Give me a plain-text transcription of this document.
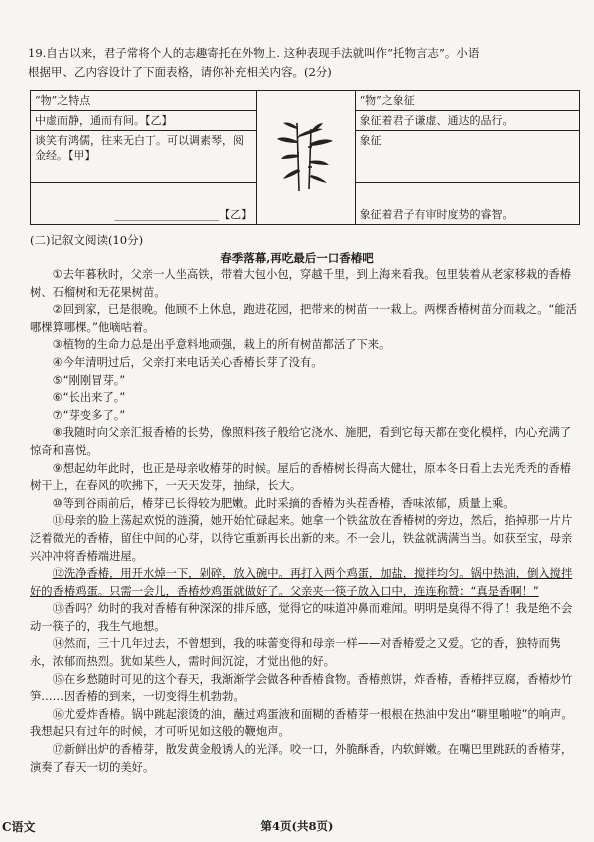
19.自古以来，君子常将个人的志趣寄托在外物上. 这种表现手法就叫作“托物言志”。小语
根据甲、乙内容设计了下面表格，请你补充相关内容。(2分)
“物”之特点		“物”之象征
中虚而静，通而有间。【乙】		象征着君子谦虚、通达的品行。
谈笑有鸿儒，往来无白丁。可以调素琴，阅金经。【甲】		象征
___________________【乙】		象征着君子有审时度势的睿智。
(二)记叙文阅读(10分)
春季落幕,再吃最后一口香椿吧

①去年暮秋时，父亲一人坐高铁，带着大包小包，穿越千里，到上海来看我。包里装着从老家移栽的香椿树、石榴树和无花果树苗。

②回到家，已是很晚。他顾不上休息，跑进花园，把带来的树苗一一栽上。两棵香椿树苗分而栽之。“能活哪棵算哪棵。”他嘀咕着。

③植物的生命力总是出乎意料地顽强，栽上的所有树苗都活了下来。

④今年清明过后，父亲打来电话关心香椿长芽了没有。

⑤“刚刚冒芽。”

⑥“长出来了。”

⑦“芽变多了。”

⑧我随时向父亲汇报香椿的长势，像照料孩子般给它浇水、施肥，看到它每天都在变化模样，内心充满了惊奇和喜悦。

⑨想起幼年此时，也正是母亲收椿芽的时候。屋后的香椿树长得高大健壮，原本冬日看上去光秃秃的香椿树干上，在春风的吹拂下，一天天发芽，抽绿，长大。

⑩等到谷雨前后，椿芽已长得较为肥嫩。此时采摘的香椿为头茬香椿，香味浓郁，质量上乘。

⑪母亲的脸上荡起欢悦的涟漪，她开始忙碌起来。她拿一个铁盆放在香椿树的旁边，然后，掐掉那一片片泛着微光的香椿，留住中间的心芽，以待它重新再长出新的来。不一会儿，铁盆就满满当当。如获至宝，母亲兴冲冲将香椿端进屋。

⑫洗净香椿，用开水焯一下，剁碎，放入碗中。再打入两个鸡蛋，加盐，搅拌均匀。锅中热油，倒入搅拌好的香椿鸡蛋。只需一会儿，香椿炒鸡蛋就做好了。父亲夹一筷子放入口中，连连称赞：“真是香啊！”

⑬香吗？幼时的我对香椿有种深深的排斥感，觉得它的味道冲鼻而难闻。明明是臭得不得了！我是绝不会动一筷子的，我生气地想。

⑭然而，三十几年过去，不曾想到，我的味蕾变得和母亲一样——对香椿爱之又爱。它的香，独特而隽永，浓郁而热烈。犹如某些人，需时间沉淀，才觉出他的好。

⑮在乡愁随时可见的这个春天，我渐渐学会做各种香椿食物。香椿煎饼，炸香椿，香椿拌豆腐，香椿炒竹笋……因香椿的到来，一切变得生机勃勃。

⑯尤爱炸香椿。锅中跳起滚烫的油，蘸过鸡蛋液和面糊的香椿芽一根根在热油中发出“噼里啪啦”的响声。我想起只有过年的时候，才可听见如这般的鞭炮声。

⑰新鲜出炉的香椿芽，散发黄金般诱人的光泽。咬一口，外脆酥香，内软鲜嫩。在嘴巴里跳跃的香椿芽，演奏了春天一切的美好。

C语文	第4页(共8页)
